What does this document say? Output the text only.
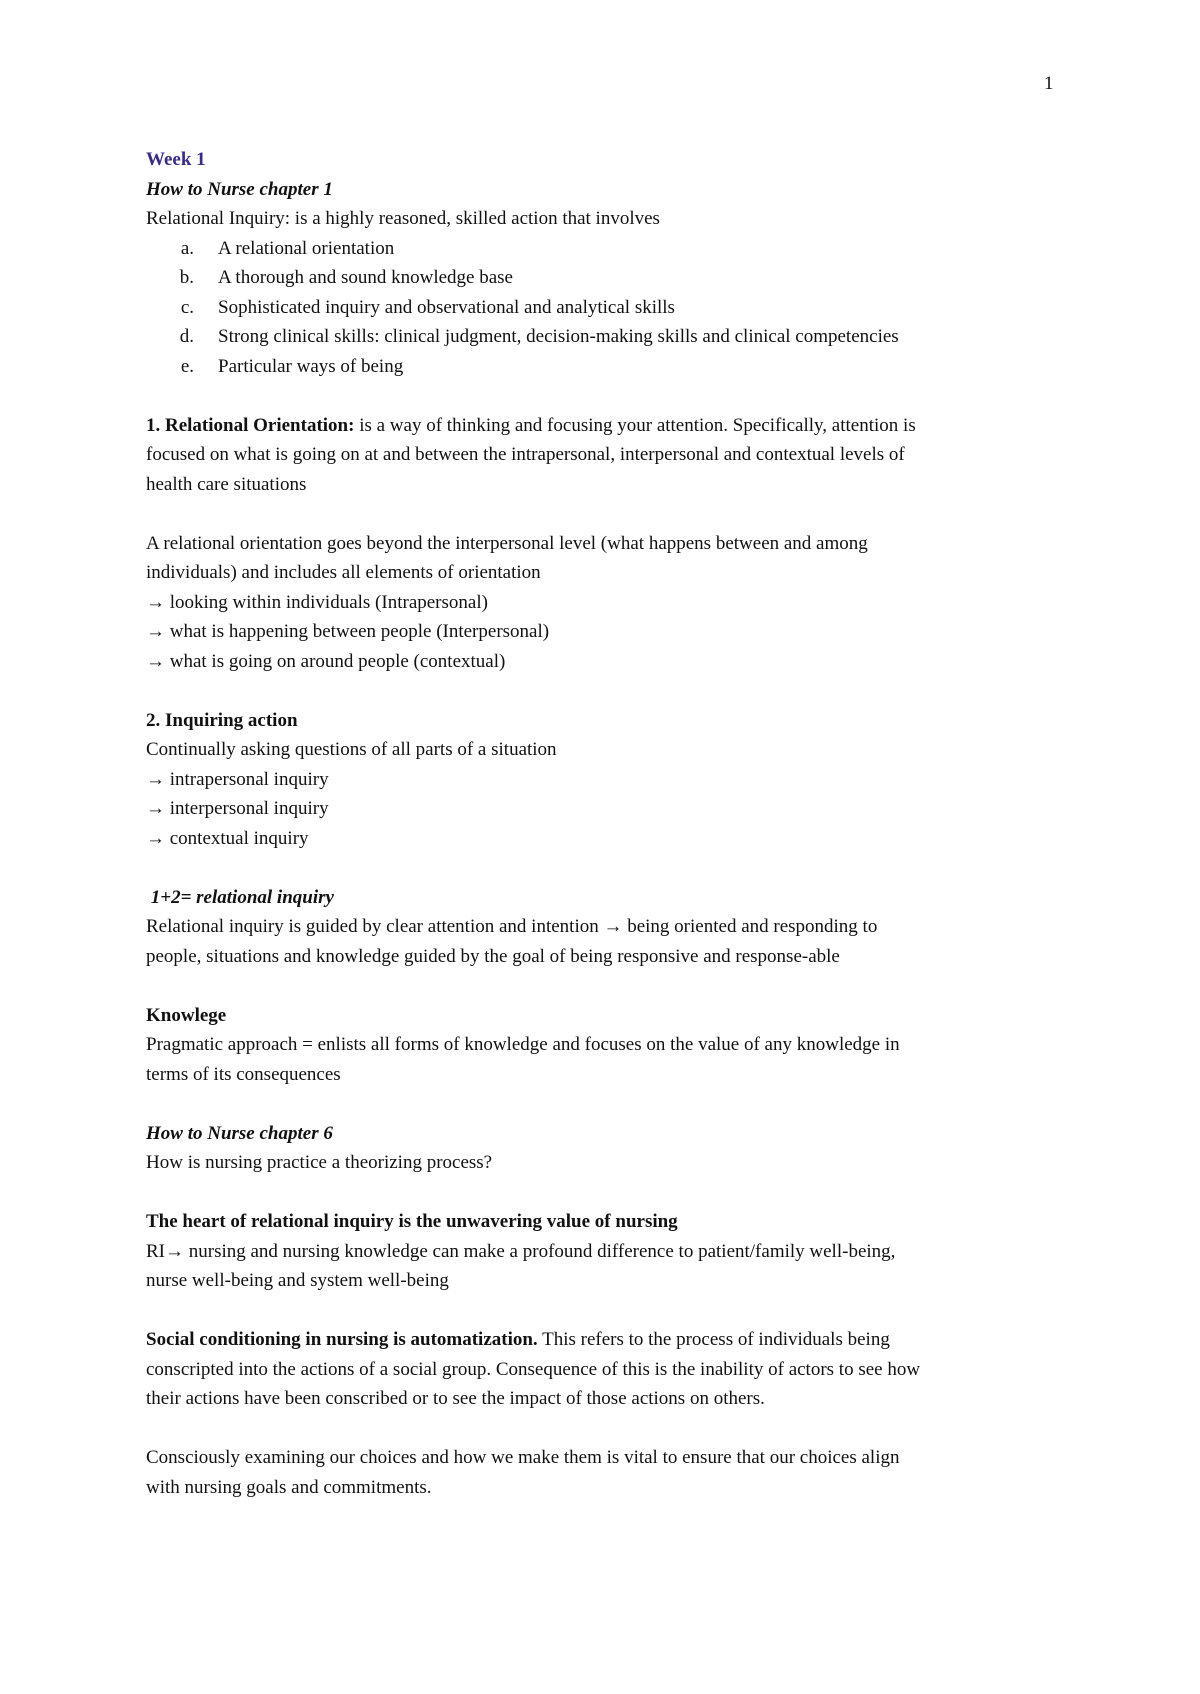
1
Week 1
How to Nurse chapter 1
Relational Inquiry: is a highly reasoned, skilled action that involves
a.	A relational orientation
b.	A thorough and sound knowledge base
c.	Sophisticated inquiry and observational and analytical skills
d.	Strong clinical skills: clinical judgment, decision-making skills and clinical competencies
e.	Particular ways of being
1. Relational Orientation: is a way of thinking and focusing your attention. Specifically, attention is
focused on what is going on at and between the intrapersonal, interpersonal and contextual levels of
health care situations
A relational orientation goes beyond the interpersonal level (what happens between and among
individuals) and includes all elements of orientation
→ looking within individuals (Intrapersonal)
→ what is happening between people (Interpersonal)
→ what is going on around people (contextual)
2. Inquiring action
Continually asking questions of all parts of a situation
→ intrapersonal inquiry
→ interpersonal inquiry
→ contextual inquiry
1+2= relational inquiry
Relational inquiry is guided by clear attention and intention → being oriented and responding to
people, situations and knowledge guided by the goal of being responsive and response-able
Knowlege
Pragmatic approach = enlists all forms of knowledge and focuses on the value of any knowledge in
terms of its consequences
How to Nurse chapter 6
How is nursing practice a theorizing process?
The heart of relational inquiry is the unwavering value of nursing
RI→ nursing and nursing knowledge can make a profound difference to patient/family well-being,
nurse well-being and system well-being
Social conditioning in nursing is automatization. This refers to the process of individuals being
conscripted into the actions of a social group. Consequence of this is the inability of actors to see how
their actions have been conscribed or to see the impact of those actions on others.
Consciously examining our choices and how we make them is vital to ensure that our choices align
with nursing goals and commitments.
